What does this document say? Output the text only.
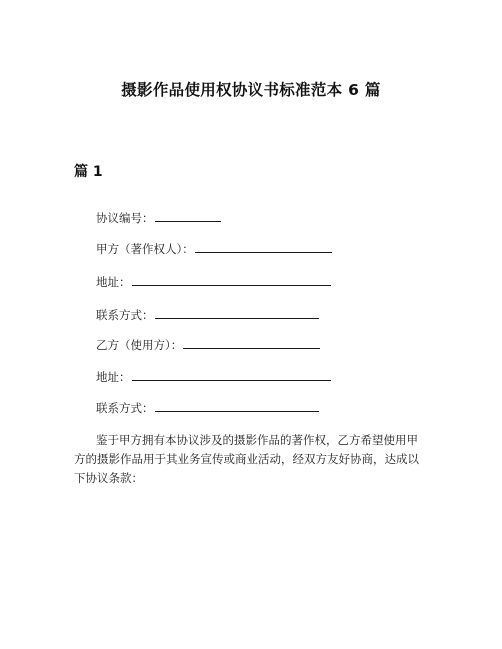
摄影作品使用权协议书标准范本 6 篇
篇 1
协议编号：
甲方（著作权人）：
地址：
联系方式：
乙方（使用方）：
地址：
联系方式：
鉴于甲方拥有本协议涉及的摄影作品的著作权，乙方希望使用甲
方的摄影作品用于其业务宣传或商业活动，经双方友好协商，达成以
下协议条款：
